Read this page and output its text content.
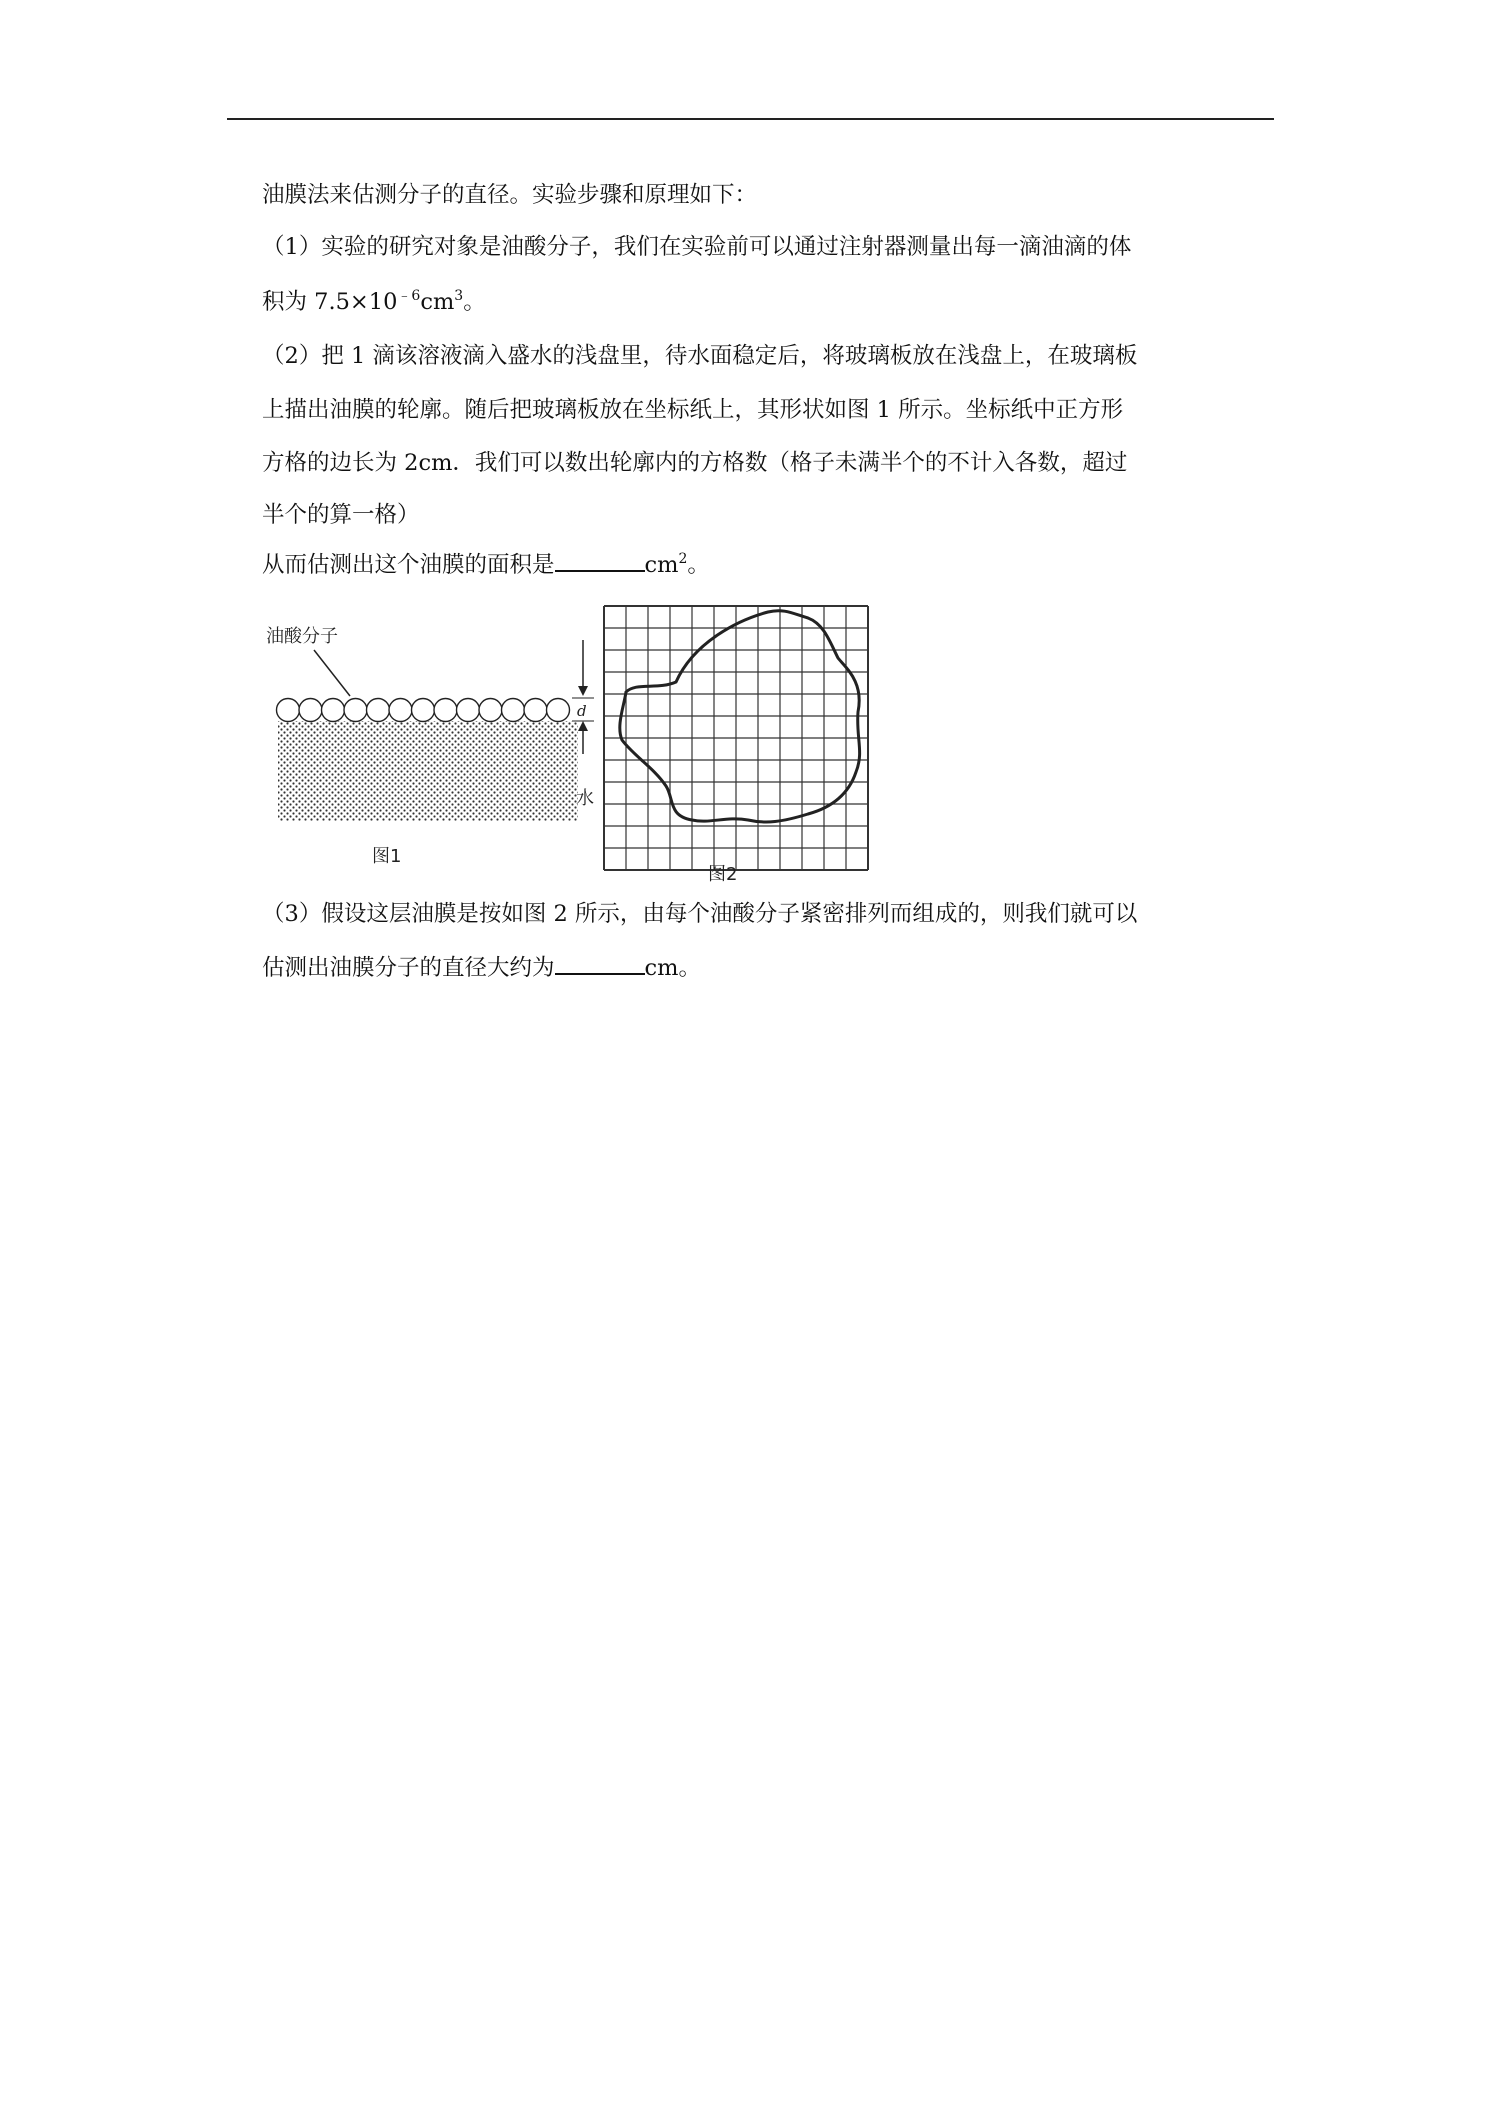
油膜法来估测分子的直径。实验步骤和原理如下：
（1）实验的研究对象是油酸分子，我们在实验前可以通过注射器测量出每一滴油滴的体
积为 $7.5\times 10^{﹣6}cm^3$。
（2）把 1 滴该溶液滴入盛水的浅盘里，待水面稳定后，将玻璃板放在浅盘上，在玻璃板
上描出油膜的轮廓。随后把玻璃板放在坐标纸上，其形状如图 1 所示。坐标纸中正方形
方格的边长为 2cm．我们可以数出轮廓内的方格数（格子未满半个的不计入各数，超过
半个的算一格）
从而估测出这个油膜的面积是	$cm^2$。
油酸分子
d
水
图1
图2
（3）假设这层油膜是按如图 2 所示，由每个油酸分子紧密排列而组成的，则我们就可以
估测出油膜分子的直径大约为	cm。
